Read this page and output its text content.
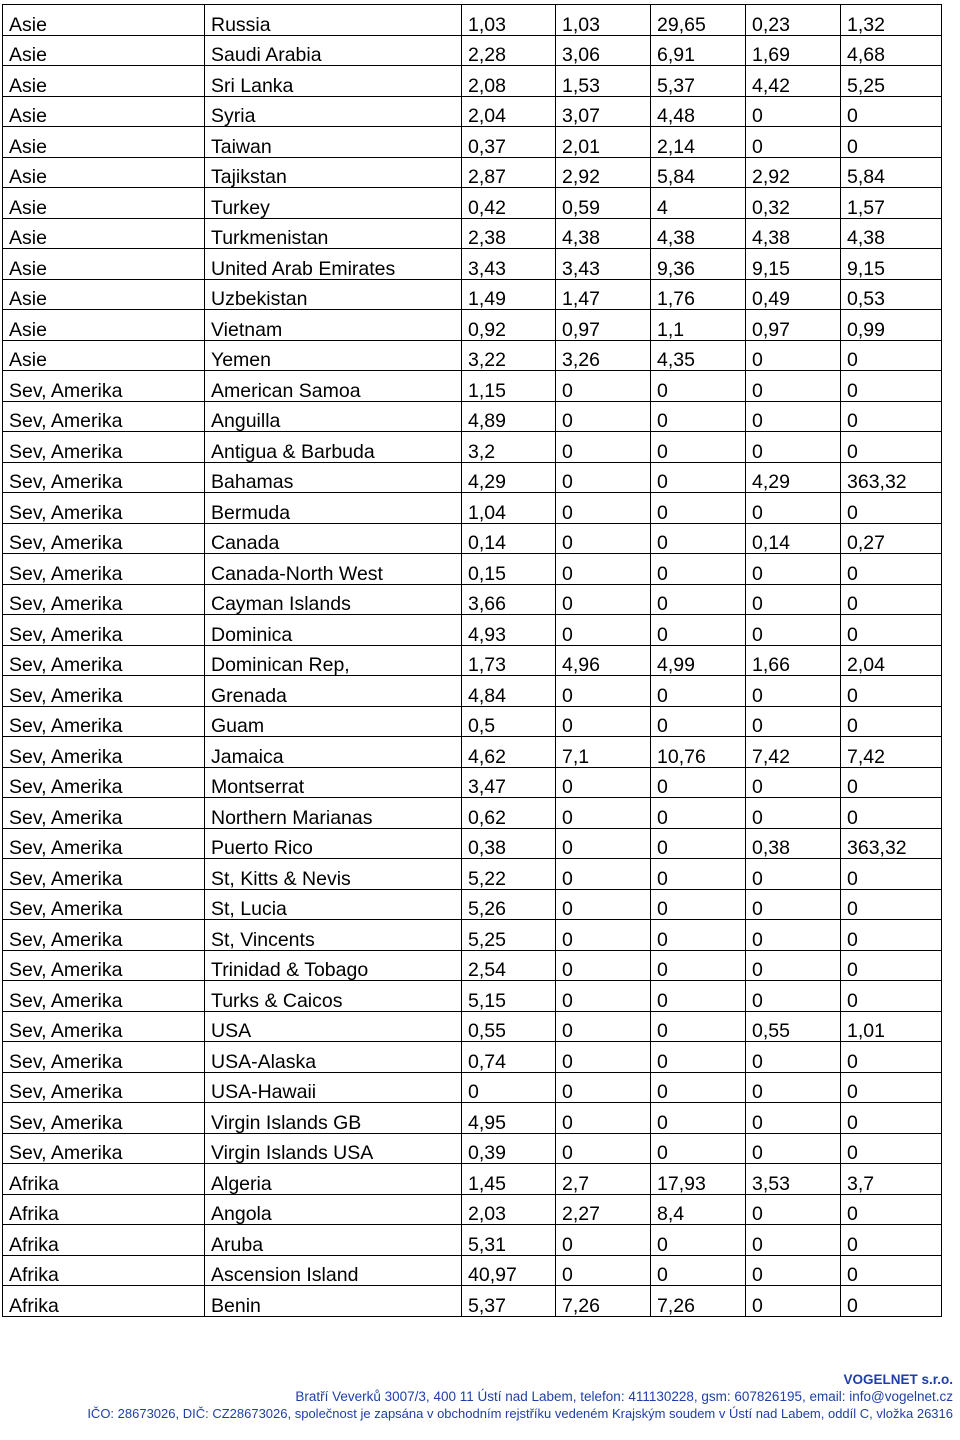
Asie	Russia	1,03	1,03	29,65	0,23	1,32
Asie	Saudi Arabia	2,28	3,06	6,91	1,69	4,68
Asie	Sri Lanka	2,08	1,53	5,37	4,42	5,25
Asie	Syria	2,04	3,07	4,48	0	0
Asie	Taiwan	0,37	2,01	2,14	0	0
Asie	Tajikstan	2,87	2,92	5,84	2,92	5,84
Asie	Turkey	0,42	0,59	4	0,32	1,57
Asie	Turkmenistan	2,38	4,38	4,38	4,38	4,38
Asie	United Arab Emirates	3,43	3,43	9,36	9,15	9,15
Asie	Uzbekistan	1,49	1,47	1,76	0,49	0,53
Asie	Vietnam	0,92	0,97	1,1	0,97	0,99
Asie	Yemen	3,22	3,26	4,35	0	0
Sev, Amerika	American Samoa	1,15	0	0	0	0
Sev, Amerika	Anguilla	4,89	0	0	0	0
Sev, Amerika	Antigua & Barbuda	3,2	0	0	0	0
Sev, Amerika	Bahamas	4,29	0	0	4,29	363,32
Sev, Amerika	Bermuda	1,04	0	0	0	0
Sev, Amerika	Canada	0,14	0	0	0,14	0,27
Sev, Amerika	Canada-North West	0,15	0	0	0	0
Sev, Amerika	Cayman Islands	3,66	0	0	0	0
Sev, Amerika	Dominica	4,93	0	0	0	0
Sev, Amerika	Dominican Rep,	1,73	4,96	4,99	1,66	2,04
Sev, Amerika	Grenada	4,84	0	0	0	0
Sev, Amerika	Guam	0,5	0	0	0	0
Sev, Amerika	Jamaica	4,62	7,1	10,76	7,42	7,42
Sev, Amerika	Montserrat	3,47	0	0	0	0
Sev, Amerika	Northern Marianas	0,62	0	0	0	0
Sev, Amerika	Puerto Rico	0,38	0	0	0,38	363,32
Sev, Amerika	St, Kitts & Nevis	5,22	0	0	0	0
Sev, Amerika	St, Lucia	5,26	0	0	0	0
Sev, Amerika	St, Vincents	5,25	0	0	0	0
Sev, Amerika	Trinidad & Tobago	2,54	0	0	0	0
Sev, Amerika	Turks & Caicos	5,15	0	0	0	0
Sev, Amerika	USA	0,55	0	0	0,55	1,01
Sev, Amerika	USA-Alaska	0,74	0	0	0	0
Sev, Amerika	USA-Hawaii	0	0	0	0	0
Sev, Amerika	Virgin Islands GB	4,95	0	0	0	0
Sev, Amerika	Virgin Islands USA	0,39	0	0	0	0
Afrika	Algeria	1,45	2,7	17,93	3,53	3,7
Afrika	Angola	2,03	2,27	8,4	0	0
Afrika	Aruba	5,31	0	0	0	0
Afrika	Ascension Island	40,97	0	0	0	0
Afrika	Benin	5,37	7,26	7,26	0	0
VOGELNET s.r.o.
Bratří Veverků 3007/3, 400 11 Ústí nad Labem, telefon: 411130228, gsm: 607826195, email: info@vogelnet.cz
IČO: 28673026, DIČ: CZ28673026, společnost je zapsána v obchodním rejstříku vedeném Krajským soudem v Ústí nad Labem, oddíl C, vložka 26316
